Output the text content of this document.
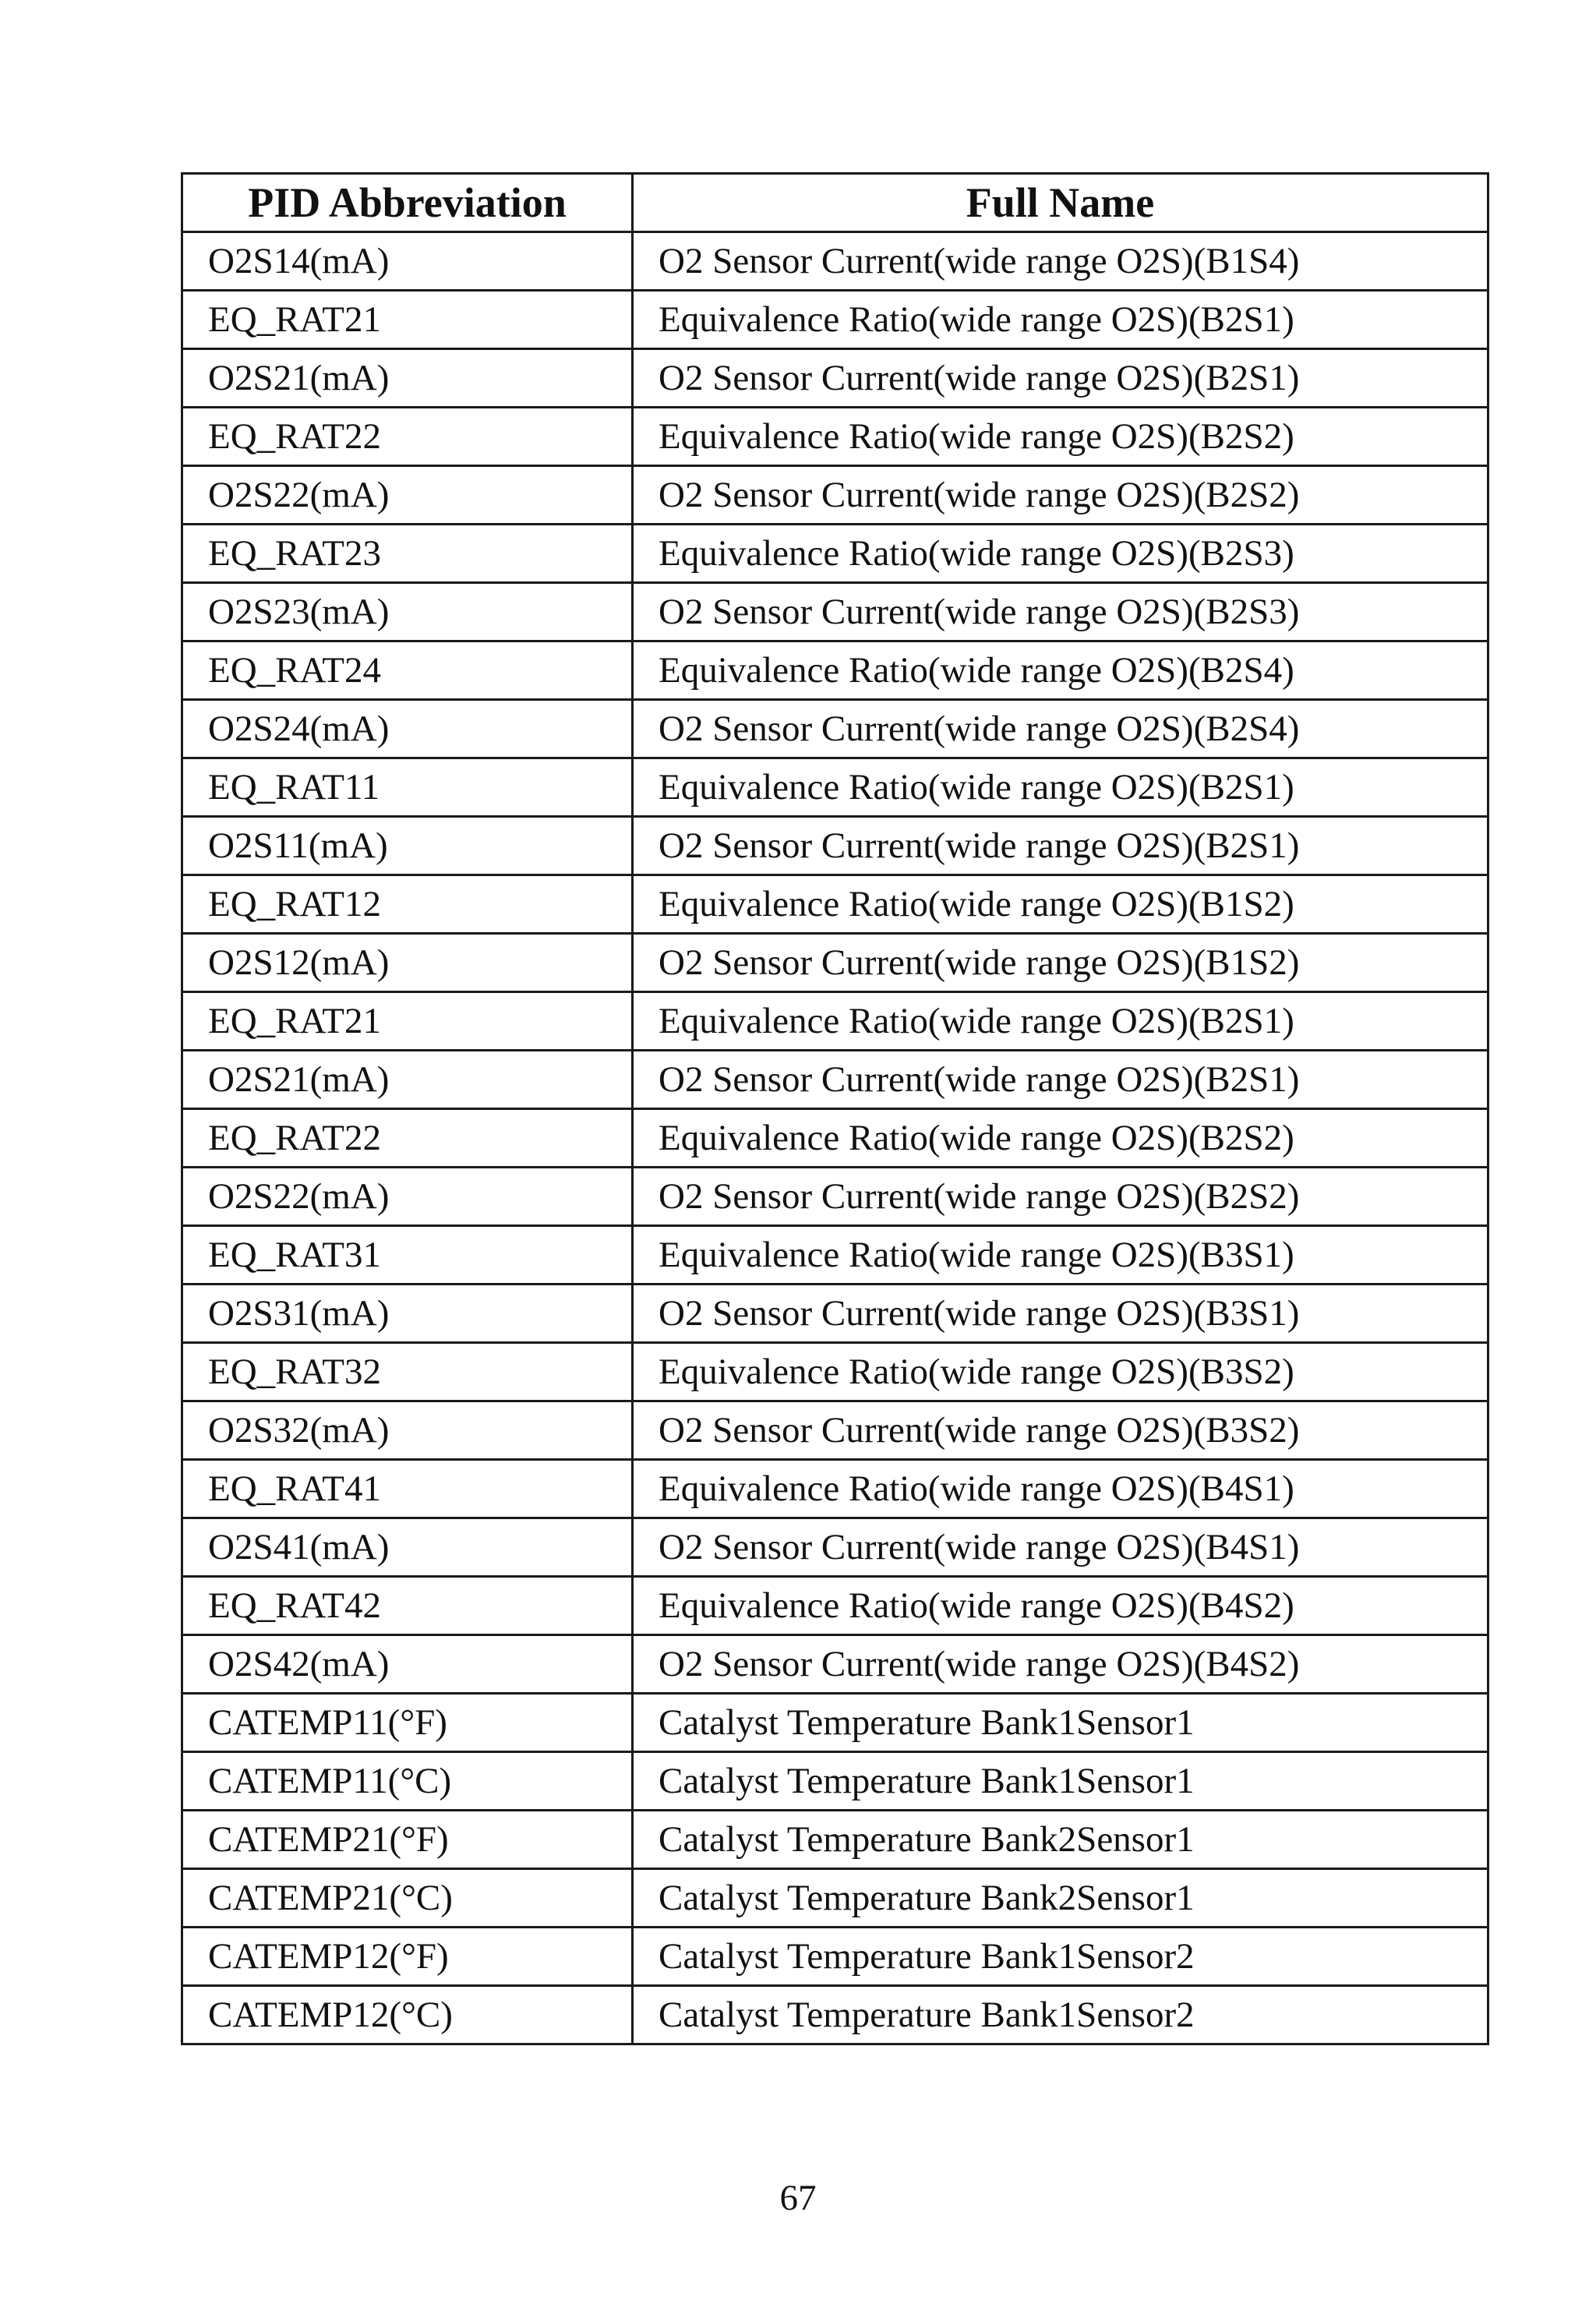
PID Abbreviation	Full Name
O2S14(mA)	O2 Sensor Current(wide range O2S)(B1S4)
EQ_RAT21	Equivalence Ratio(wide range O2S)(B2S1)
O2S21(mA)	O2 Sensor Current(wide range O2S)(B2S1)
EQ_RAT22	Equivalence Ratio(wide range O2S)(B2S2)
O2S22(mA)	O2 Sensor Current(wide range O2S)(B2S2)
EQ_RAT23	Equivalence Ratio(wide range O2S)(B2S3)
O2S23(mA)	O2 Sensor Current(wide range O2S)(B2S3)
EQ_RAT24	Equivalence Ratio(wide range O2S)(B2S4)
O2S24(mA)	O2 Sensor Current(wide range O2S)(B2S4)
EQ_RAT11	Equivalence Ratio(wide range O2S)(B2S1)
O2S11(mA)	O2 Sensor Current(wide range O2S)(B2S1)
EQ_RAT12	Equivalence Ratio(wide range O2S)(B1S2)
O2S12(mA)	O2 Sensor Current(wide range O2S)(B1S2)
EQ_RAT21	Equivalence Ratio(wide range O2S)(B2S1)
O2S21(mA)	O2 Sensor Current(wide range O2S)(B2S1)
EQ_RAT22	Equivalence Ratio(wide range O2S)(B2S2)
O2S22(mA)	O2 Sensor Current(wide range O2S)(B2S2)
EQ_RAT31	Equivalence Ratio(wide range O2S)(B3S1)
O2S31(mA)	O2 Sensor Current(wide range O2S)(B3S1)
EQ_RAT32	Equivalence Ratio(wide range O2S)(B3S2)
O2S32(mA)	O2 Sensor Current(wide range O2S)(B3S2)
EQ_RAT41	Equivalence Ratio(wide range O2S)(B4S1)
O2S41(mA)	O2 Sensor Current(wide range O2S)(B4S1)
EQ_RAT42	Equivalence Ratio(wide range O2S)(B4S2)
O2S42(mA)	O2 Sensor Current(wide range O2S)(B4S2)
CATEMP11(°F)	Catalyst Temperature Bank1Sensor1
CATEMP11(°C)	Catalyst Temperature Bank1Sensor1
CATEMP21(°F)	Catalyst Temperature Bank2Sensor1
CATEMP21(°C)	Catalyst Temperature Bank2Sensor1
CATEMP12(°F)	Catalyst Temperature Bank1Sensor2
CATEMP12(°C)	Catalyst Temperature Bank1Sensor2
67
